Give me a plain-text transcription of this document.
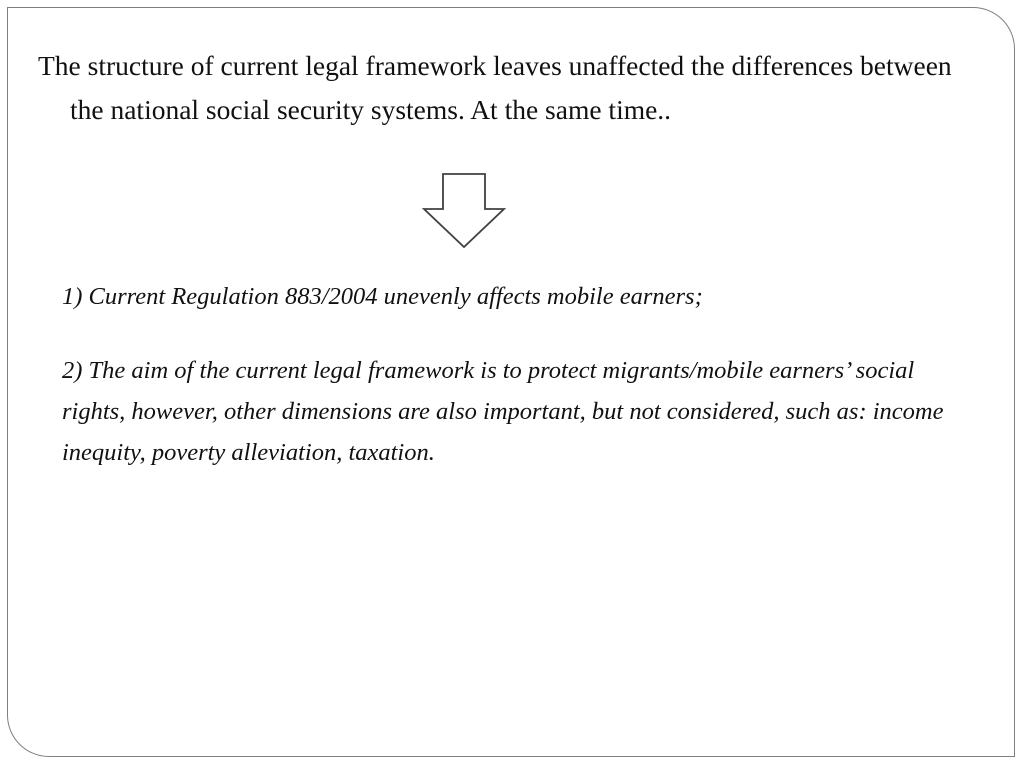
The structure of current legal framework leaves unaffected the differences between the national social security systems. At the same time..

1) Current Regulation 883/2004 unevenly affects mobile earners;

2) The aim of the current legal framework is to protect migrants/mobile earners’ social rights, however, other dimensions are also important, but not considered, such as: income inequity, poverty alleviation, taxation.
